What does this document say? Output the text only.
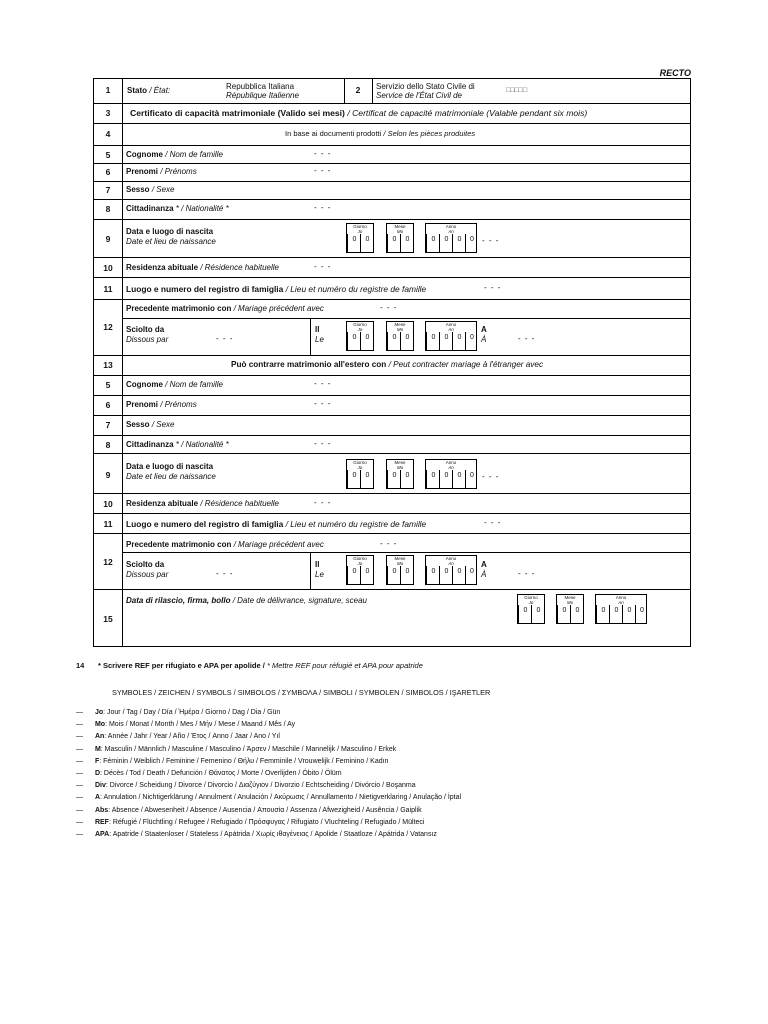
RECTO
1	Stato / État:	Repubblica Italiana
République Italienne
2	Servizio dello Stato Civile di
Service de l'État Civil de
□□□□□
3	Certificato di capacità matrimoniale (Valido sei mesi) / Certificat de capacité matrimoniale (Valable pendant six mois)
4	In base ai documenti prodotti / Selon les pièces produites
5	Cognome / Nom de famille	- - -
6	Prenomi / Prénoms	- - -
7	Sesso / Sexe
8	Cittadinanza * / Nationalité *	- - -
9
Data e luogo di nascita
Date et lieu de naissance
Giorno
Jo
0	0
Mese
Mo
0	0
Anno
An
0	0	0	0	- - -
10	Residenza abituale / Résidence habituelle	- - -
11	Luogo e numero del registro di famiglia / Lieu et numéro du registre de famille	- - -
12
Precedente matrimonio con / Mariage précédent avec	- - -
Sciolto da
Dissous par	- - -
Il
Le
Giorno
Jo
0	0
Mese
Mo
0	0
Anno
An
0	0	0	0
A
À	- - -
13	Può contrarre matrimonio all'estero con / Peut contracter mariage à l'étranger avec
5	Cognome / Nom de famille	- - -
6	Prenomi / Prénoms	- - -
7	Sesso / Sexe
8	Cittadinanza * / Nationalité *	- - -
9
Data e luogo di nascita
Date et lieu de naissance
Giorno
Jo
0	0
Mese
Mo
0	0
Anno
An
0	0	0	0	- - -
10	Residenza abituale / Résidence habituelle	- - -
11	Luogo e numero del registro di famiglia / Lieu et numéro du registre de famille	- - -
12
Precedente matrimonio con / Mariage précédent avec	- - -
Sciolto da
Dissous par	- - -
Il
Le
Giorno
Jo
0	0
Mese
Mo
0	0
Anno
An
0	0	0	0
A
À	- - -
15
Data di rilascio, firma, bollo / Date de délivrance, signature, sceau	Giorno
Jo
0	0
Mese
Mo
0	0
Anno
An
0	0	0	0
14 * Scrivere REF per rifugiato e APA per apolide / * Mettre REF pour réfugié et APA pour apatride
SYMBOLES / ZEICHEN / SYMBOLS / SIMBOLOS / ΣΥΜΒΟΛΑ / SIMBOLI / SYMBOLEN / SIMBOLOS / IŞARETLER
— Jo: Jour / Tag / Day / Día / Ἡμέρα / Giorno / Dag / Dia / Gün
— Mo: Mois / Monat / Month / Mes / Μήν / Mese / Maand / Mês / Ay
— An: Année / Jahr / Year / Año / Έτος / Anno / Jaar / Ano / Yıl
— M: Masculin / Männlich / Masculine / Masculino / Άρσεν / Maschile / Mannelijk / Masculino / Erkek
— F: Féminin / Weiblich / Feminine / Femenino / Θήλυ / Femminile / Vrouwelijk / Feminino / Kadın
— D: Décès / Tod / Death / Defunción / Θάνατος / Morte / Overlijden / Óbito / Ölüm
— Div: Divorce / Scheidung / Divorce / Divorcio / Διαζύγιον / Divorzio / Echtscheiding / Divórcio / Boşanma
— A: Annulation / Nichtigerklärung / Annulment / Anulación / Ακύρωσις / Annullamento / Nietigverklaring / Anulação / İptal
— Abs: Absence / Abwesenheit / Absence / Ausencia / Απουσία / Assenza / Afwezigheid / Ausência / Gaiplik
— REF: Réfugié / Flüchtling / Refugee / Refugiado / Πρόσφυγας / Rifugiato / Vluchteling / Refugiado / Mülteci
— APA: Apatride / Staatenloser / Stateless / Apátrida / Χωρίς ιθαγένειας / Apolide / Staatloze / Apátrida / Vatansız
